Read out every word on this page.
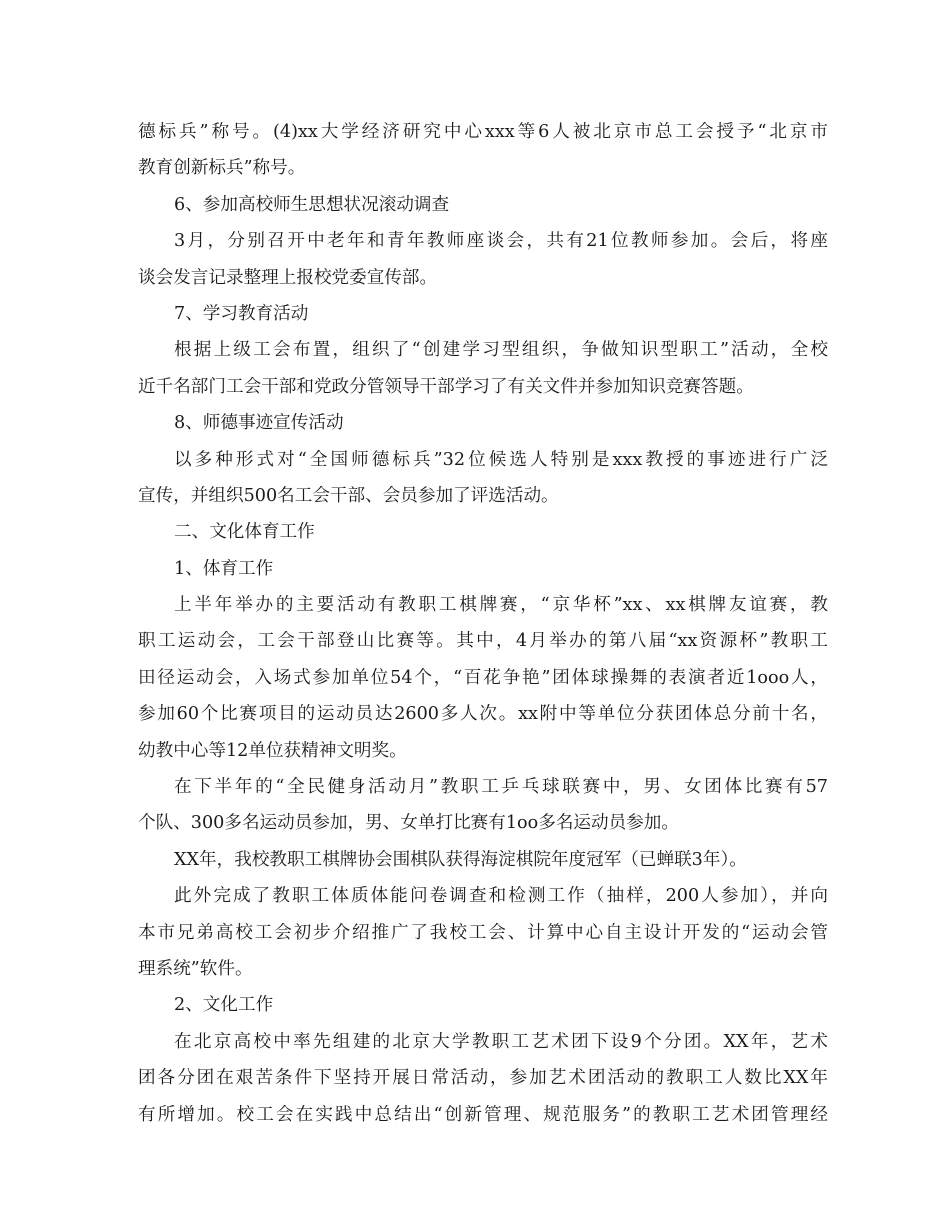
德标兵”称号。(4)xx大学经济研究中心xxx等6人被北京市总工会授予“北京市
教育创新标兵”称号。
6、参加高校师生思想状况滚动调查
3月，分别召开中老年和青年教师座谈会，共有21位教师参加。会后，将座
谈会发言记录整理上报校党委宣传部。
7、学习教育活动
根据上级工会布置，组织了“创建学习型组织，争做知识型职工”活动，全校
近千名部门工会干部和党政分管领导干部学习了有关文件并参加知识竞赛答题。
8、师德事迹宣传活动
以多种形式对“全国师德标兵”32位候选人特别是xxx教授的事迹进行广泛
宣传，并组织500名工会干部、会员参加了评选活动。
二、文化体育工作
1、体育工作
上半年举办的主要活动有教职工棋牌赛，“京华杯”xx、xx棋牌友谊赛，教
职工运动会，工会干部登山比赛等。其中，4月举办的第八届“xx资源杯”教职工
田径运动会，入场式参加单位54个，“百花争艳”团体球操舞的表演者近1ooo人，
参加60个比赛项目的运动员达2600多人次。xx附中等单位分获团体总分前十名，
幼教中心等12单位获精神文明奖。
在下半年的“全民健身活动月”教职工乒乓球联赛中，男、女团体比赛有57
个队、300多名运动员参加，男、女单打比赛有1oo多名运动员参加。
XX年，我校教职工棋牌协会围棋队获得海淀棋院年度冠军（已蝉联3年）。
此外完成了教职工体质体能问卷调查和检测工作（抽样，200人参加），并向
本市兄弟高校工会初步介绍推广了我校工会、计算中心自主设计开发的“运动会管
理系统”软件。
2、文化工作
在北京高校中率先组建的北京大学教职工艺术团下设9个分团。XX年，艺术
团各分团在艰苦条件下坚持开展日常活动，参加艺术团活动的教职工人数比XX年
有所增加。校工会在实践中总结出“创新管理、规范服务”的教职工艺术团管理经
